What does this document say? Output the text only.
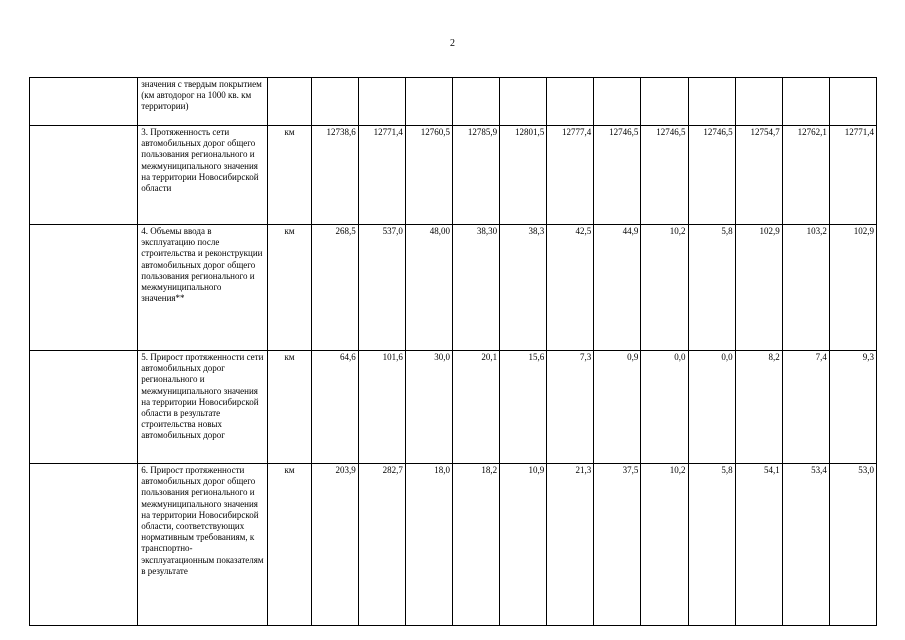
2
	значения с твердым покрытием (км автодорог на 1000 кв. км территории)													
	3. Протяженность сети автомобильных дорог общего пользования регионального и межмуниципального значения на территории Новосибирской области	км	12738,6	12771,4	12760,5	12785,9	12801,5	12777,4	12746,5	12746,5	12746,5	12754,7	12762,1	12771,4
	4. Объемы ввода в эксплуатацию после строительства и реконструкции автомобильных дорог общего пользования регионального и межмуниципального значения**	км	268,5	537,0	48,00	38,30	38,3	42,5	44,9	10,2	5,8	102,9	103,2	102,9
	5. Прирост протяженности сети автомобильных дорог регионального и межмуниципального значения на территории Новосибирской области в результате строительства новых автомобильных дорог	км	64,6	101,6	30,0	20,1	15,6	7,3	0,9	0,0	0,0	8,2	7,4	9,3
	6. Прирост протяженности автомобильных дорог общего пользования регионального и межмуниципального значения на территории Новосибирской области, соответствующих нормативным требованиям, к транспортно-эксплуатационным показателям в результате	км	203,9	282,7	18,0	18,2	10,9	21,3	37,5	10,2	5,8	54,1	53,4	53,0
